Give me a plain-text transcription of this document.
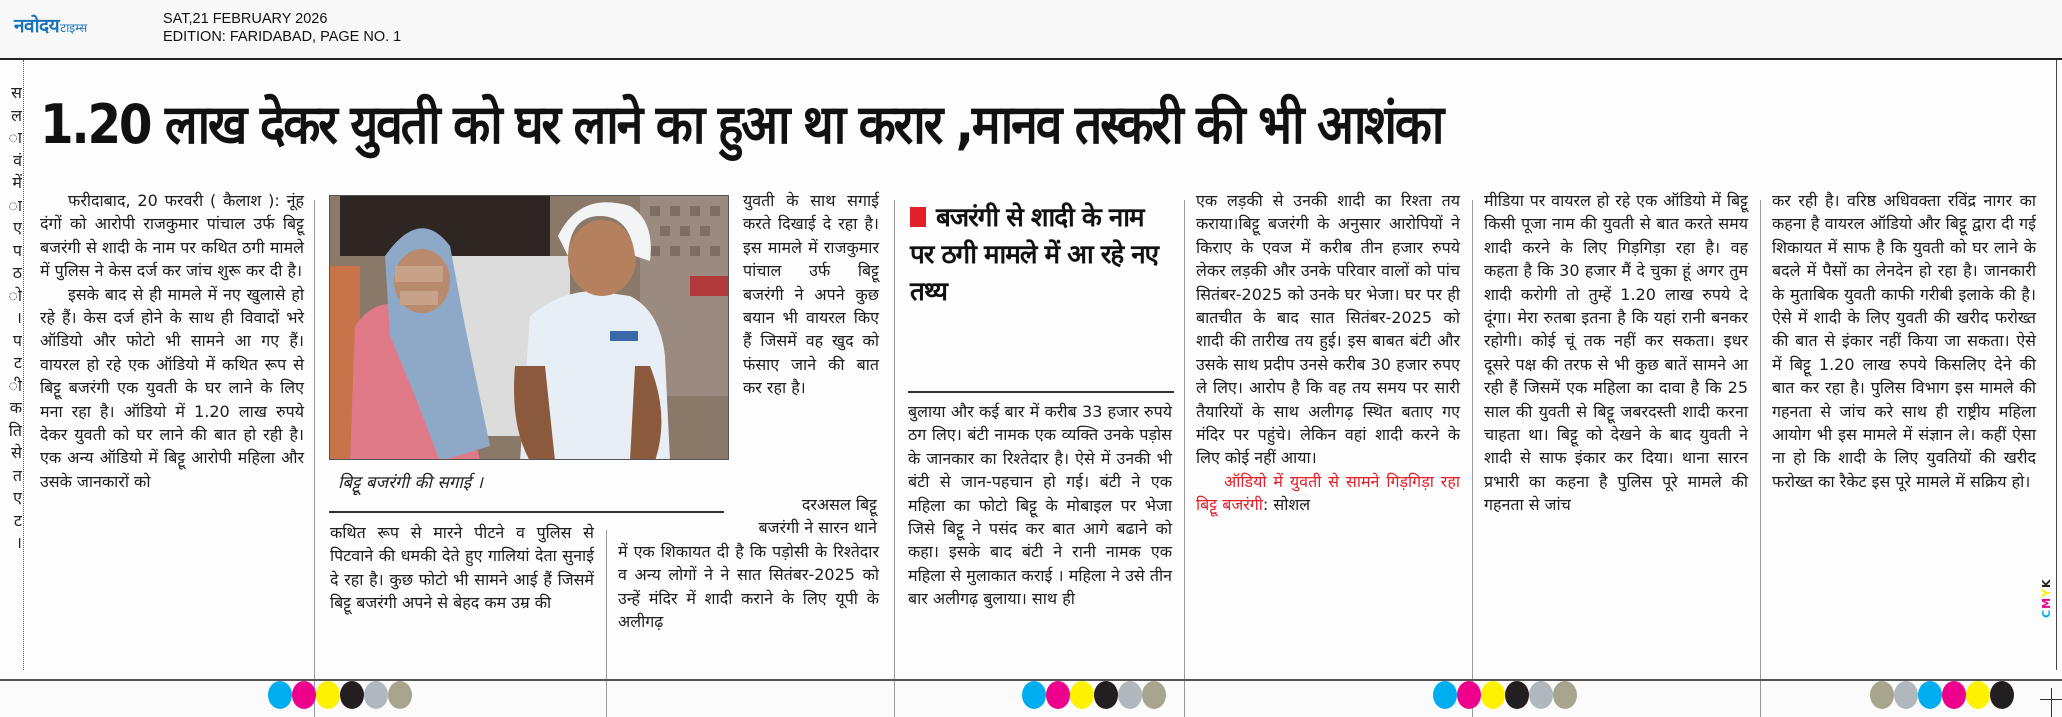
नवोदय टाइम्स
SAT,21 FEBRUARY 2026
EDITION: FARIDABAD, PAGE NO. 1
स
ल
ा
वं
में
ा
ए
प
ठ
ो
।
प
ट
ी
क
ति
से
त
ए
ट
।
1.20 लाख देकर युवती को घर लाने का हुआ था करार ,मानव तस्करी की भी आशंका

फरीदाबाद, 20 फरवरी ( कैलाश ): नूंह दंगों को आरोपी राजकुमार पांचाल उर्फ बिट्टू बजरंगी से शादी के नाम पर कथित ठगी मामले में पुलिस ने केस दर्ज कर जांच शुरू कर दी है।

इसके बाद से ही मामले में नए खुलासे हो रहे हैं। केस दर्ज होने के साथ ही विवादों भरे ऑडियो और फोटो भी सामने आ गए हैं। वायरल हो रहे एक ऑडियो में कथित रूप से बिट्टू बजरंगी एक युवती के घर लाने के लिए मना रहा है। ऑडियो में 1.20 लाख रुपये देकर युवती को घर लाने की बात हो रही है। एक अन्य ऑडियो में बिट्टू आरोपी महिला और उसके जानकारों को	बिट्टू बजरंगी की सगाई ।

कथित रूप से मारने पीटने व पुलिस से पिटवाने की धमकी देते हुए गालियां देता सुनाई दे रहा है। कुछ फोटो भी सामने आई हैं जिसमें बिट्टू बजरंगी अपने से बेहद कम उम्र की

युवती के साथ सगाई करते दिखाई दे रहा है।इस मामले में राजकुमार पांचाल उर्फ बिट्टू बजरंगी ने अपने कुछ बयान भी वायरल किए हैं जिसमें वह खुद को फंसाए जाने की बात कर रहा है।

दरअसल बिट्टू

बजरंगी ने सारन थाने

में एक शिकायत दी है कि पड़ोसी के रिश्तेदार व अन्य लोगों ने ने सात सितंबर-2025 को उन्हें मंदिर में शादी कराने के लिए यूपी के अलीगढ़

बजरंगी से शादी के नाम पर ठगी मामले में आ रहे नए तथ्य

बुलाया और कई बार में करीब 33 हजार रुपये ठग लिए। बंटी नामक एक व्यक्ति उनके पड़ोस के जानकार का रिश्तेदार है। ऐसे में उनकी भी बंटी से जान-पहचान हो गई। बंटी ने एक महिला का फोटो बिट्टू के मोबाइल पर भेजा जिसे बिट्टू ने पसंद कर बात आगे बढाने को कहा। इसके बाद बंटी ने रानी नामक एक महिला से मुलाकात कराई । महिला ने उसे तीन बार अलीगढ़ बुलाया। साथ ही

एक लड़की से उनकी शादी का रिश्ता तय कराया।बिट्टू बजरंगी के अनुसार आरोपियों ने किराए के एवज में करीब तीन हजार रुपये लेकर लड़की और उनके परिवार वालों को पांच सितंबर-2025 को उनके घर भेजा। घर पर ही बातचीत के बाद सात सितंबर-2025 को शादी की तारीख तय हुई। इस बाबत बंटी और उसके साथ प्रदीप उनसे करीब 30 हजार रुपए ले लिए। आरोप है कि वह तय समय पर सारी तैयारियों के साथ अलीगढ़ स्थित बताए गए मंदिर पर पहुंचे। लेकिन वहां शादी करने के लिए कोई नहीं आया।

ऑडियो में युवती से सामने गिड़गिड़ा रहा बिट्टू बजरंगी: सोशल

मीडिया पर वायरल हो रहे एक ऑडियो में बिट्टू किसी पूजा नाम की युवती से बात करते समय शादी करने के लिए गिड़गिड़ा रहा है। वह कहता है कि 30 हजार मैं दे चुका हूं अगर तुम शादी करोगी तो तुम्हें 1.20 लाख रुपये दे दूंगा। मेरा रुतबा इतना है कि यहां रानी बनकर रहोगी। कोई चूं तक नहीं कर सकता। इधर दूसरे पक्ष की तरफ से भी कुछ बातें सामने आ रही हैं जिसमें एक महिला का दावा है कि 25 साल की युवती से बिट्टू जबरदस्ती शादी करना चाहता था। बिट्टू को देखने के बाद युवती ने शादी से साफ इंकार कर दिया। थाना सारन प्रभारी का कहना है पुलिस पूरे मामले की गहनता से जांच

कर रही है। वरिष्ठ अधिवक्ता रविंद्र नागर का कहना है वायरल ऑडियो और बिट्टू द्वारा दी गई शिकायत में साफ है कि युवती को घर लाने के बदले में पैसों का लेनदेन हो रहा है। जानकारी के मुताबिक युवती काफी गरीबी इलाके की है। ऐसे में शादी के लिए युवती की खरीद फरोख्त की बात से इंकार नहीं किया जा सकता। ऐसे में बिट्टू 1.20 लाख रुपये किसलिए देने की बात कर रहा है। पुलिस विभाग इस मामले की गहनता से जांच करे साथ ही राष्ट्रीय महिला आयोग भी इस मामले में संज्ञान ले। कहीं ऐसा ना हो कि शादी के लिए युवतियों की खरीद फरोख्त का रैकेट इस पूरे मामले में सक्रिय हो।

CMYK
